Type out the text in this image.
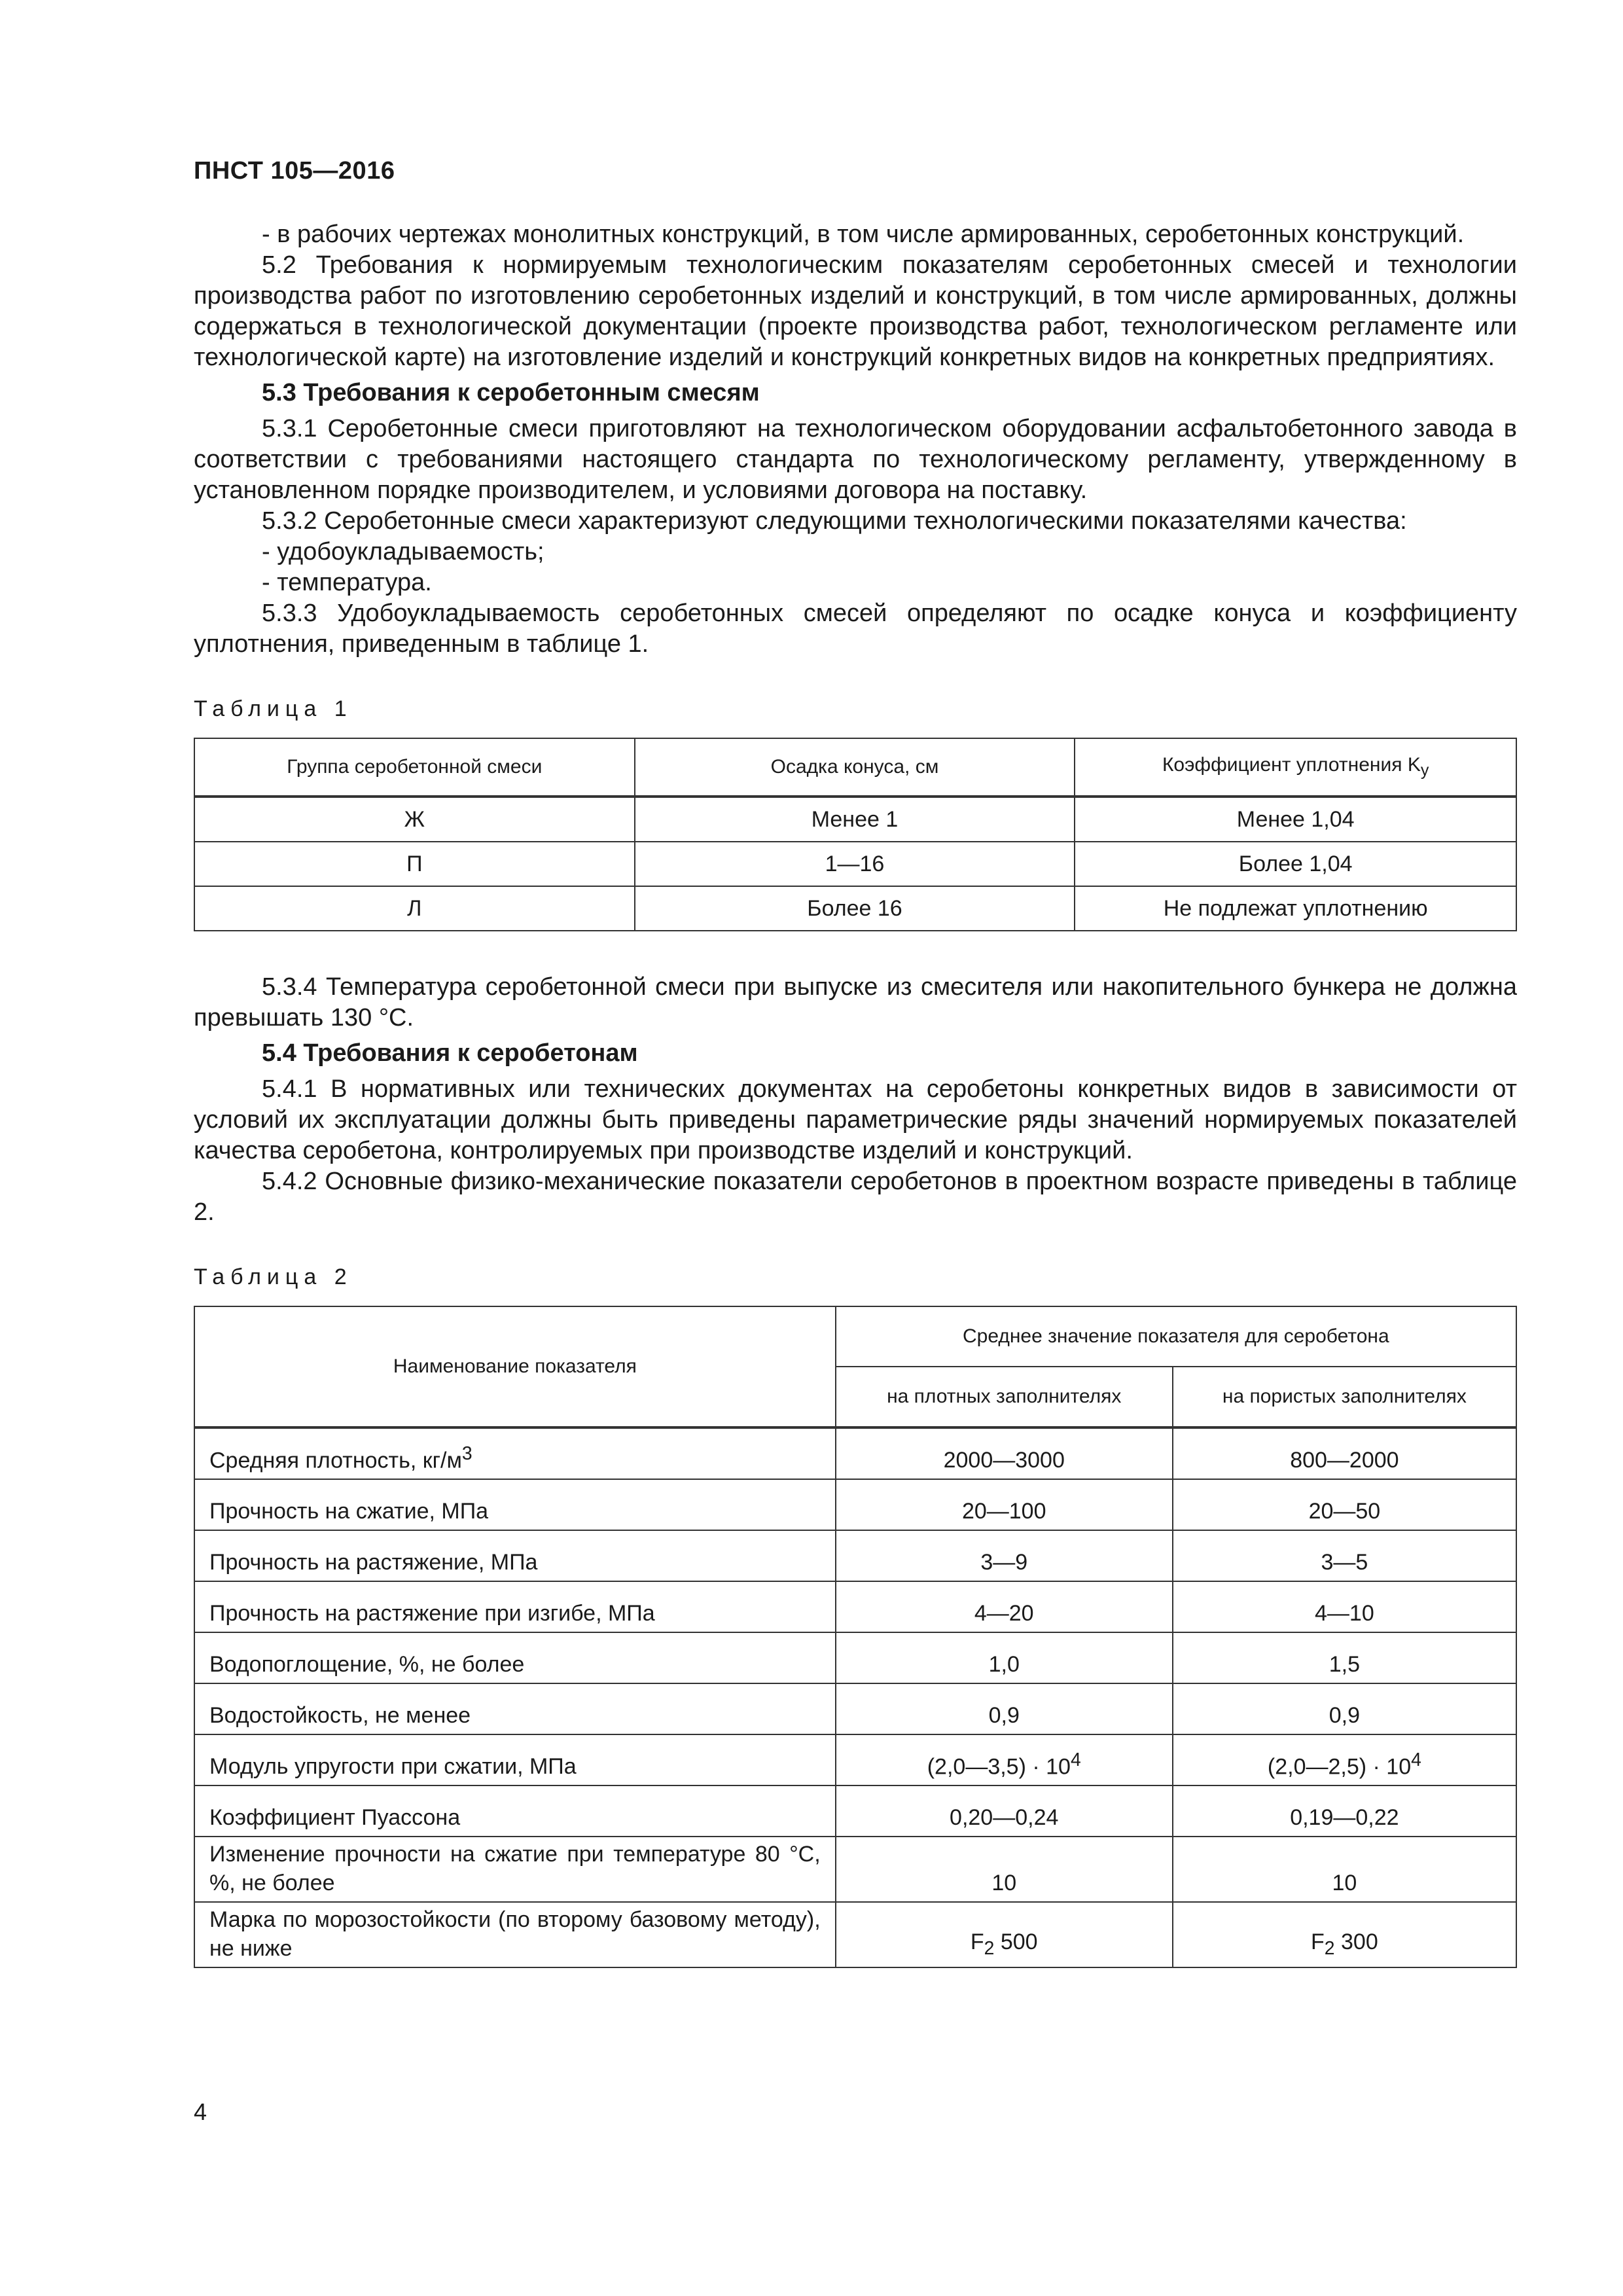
ПНСТ 105—2016

- в рабочих чертежах монолитных конструкций, в том числе армированных, серобетонных конструкций.

5.2 Требования к нормируемым технологическим показателям серобетонных смесей и технологии производства работ по изготовлению серобетонных изделий и конструкций, в том числе армированных, должны содержаться в технологической документации (проекте производства работ, технологическом регламенте или технологической карте) на изготовление изделий и конструкций конкретных видов на конкретных предприятиях.

5.3 Требования к серобетонным смесям

5.3.1 Серобетонные смеси приготовляют на технологическом оборудовании асфальтобетонного завода в соответствии с требованиями настоящего стандарта по технологическому регламенту, утвержденному в установленном порядке производителем, и условиями договора на поставку.

5.3.2 Серобетонные смеси характеризуют следующими технологическими показателями качества:

- удобоукладываемость;

- температура.

5.3.3 Удобоукладываемость серобетонных смесей определяют по осадке конуса и коэффициенту уплотнения, приведенным в таблице 1.

Таблица 1
Группа серобетонной смеси	Осадка конуса, см	Коэффициент уплотнения $K_у$
Ж	Менее 1	Менее 1,04
П	1—16	Более 1,04
Л	Более 16	Не подлежат уплотнению

5.3.4 Температура серобетонной смеси при выпуске из смесителя или накопительного бункера не должна превышать 130 °С.

5.4 Требования к серобетонам

5.4.1 В нормативных или технических документах на серобетоны конкретных видов в зависимости от условий их эксплуатации должны быть приведены параметрические ряды значений нормируемых показателей качества серобетона, контролируемых при производстве изделий и конструкций.

5.4.2 Основные физико-механические показатели серобетонов в проектном возрасте приведены в таблице 2.

Таблица 2
Наименование показателя	Среднее значение показателя для серобетона	
	на плотных заполнителях	на пористых заполнителях
Средняя плотность, $кг/м^3$	2000—3000	800—2000
Прочность на сжатие, МПа	20—100	20—50
Прочность на растяжение, МПа	3—9	3—5
Прочность на растяжение при изгибе, МПа	4—20	4—10
Водопоглощение, %, не более	1,0	1,5
Водостойкость, не менее	0,9	0,9
Модуль упругости при сжатии, МПа	(2,0—3,5) · $10^4$	(2,0—2,5) · $10^4$
Коэффициент Пуассона	0,20—0,24	0,19—0,22
Изменение прочности на сжатие при температуре 80 °С, %, не более	10	10
Марка по морозостойкости (по второму базовому методу), не ниже	$F_2$ 500	$F_2$ 300
4
